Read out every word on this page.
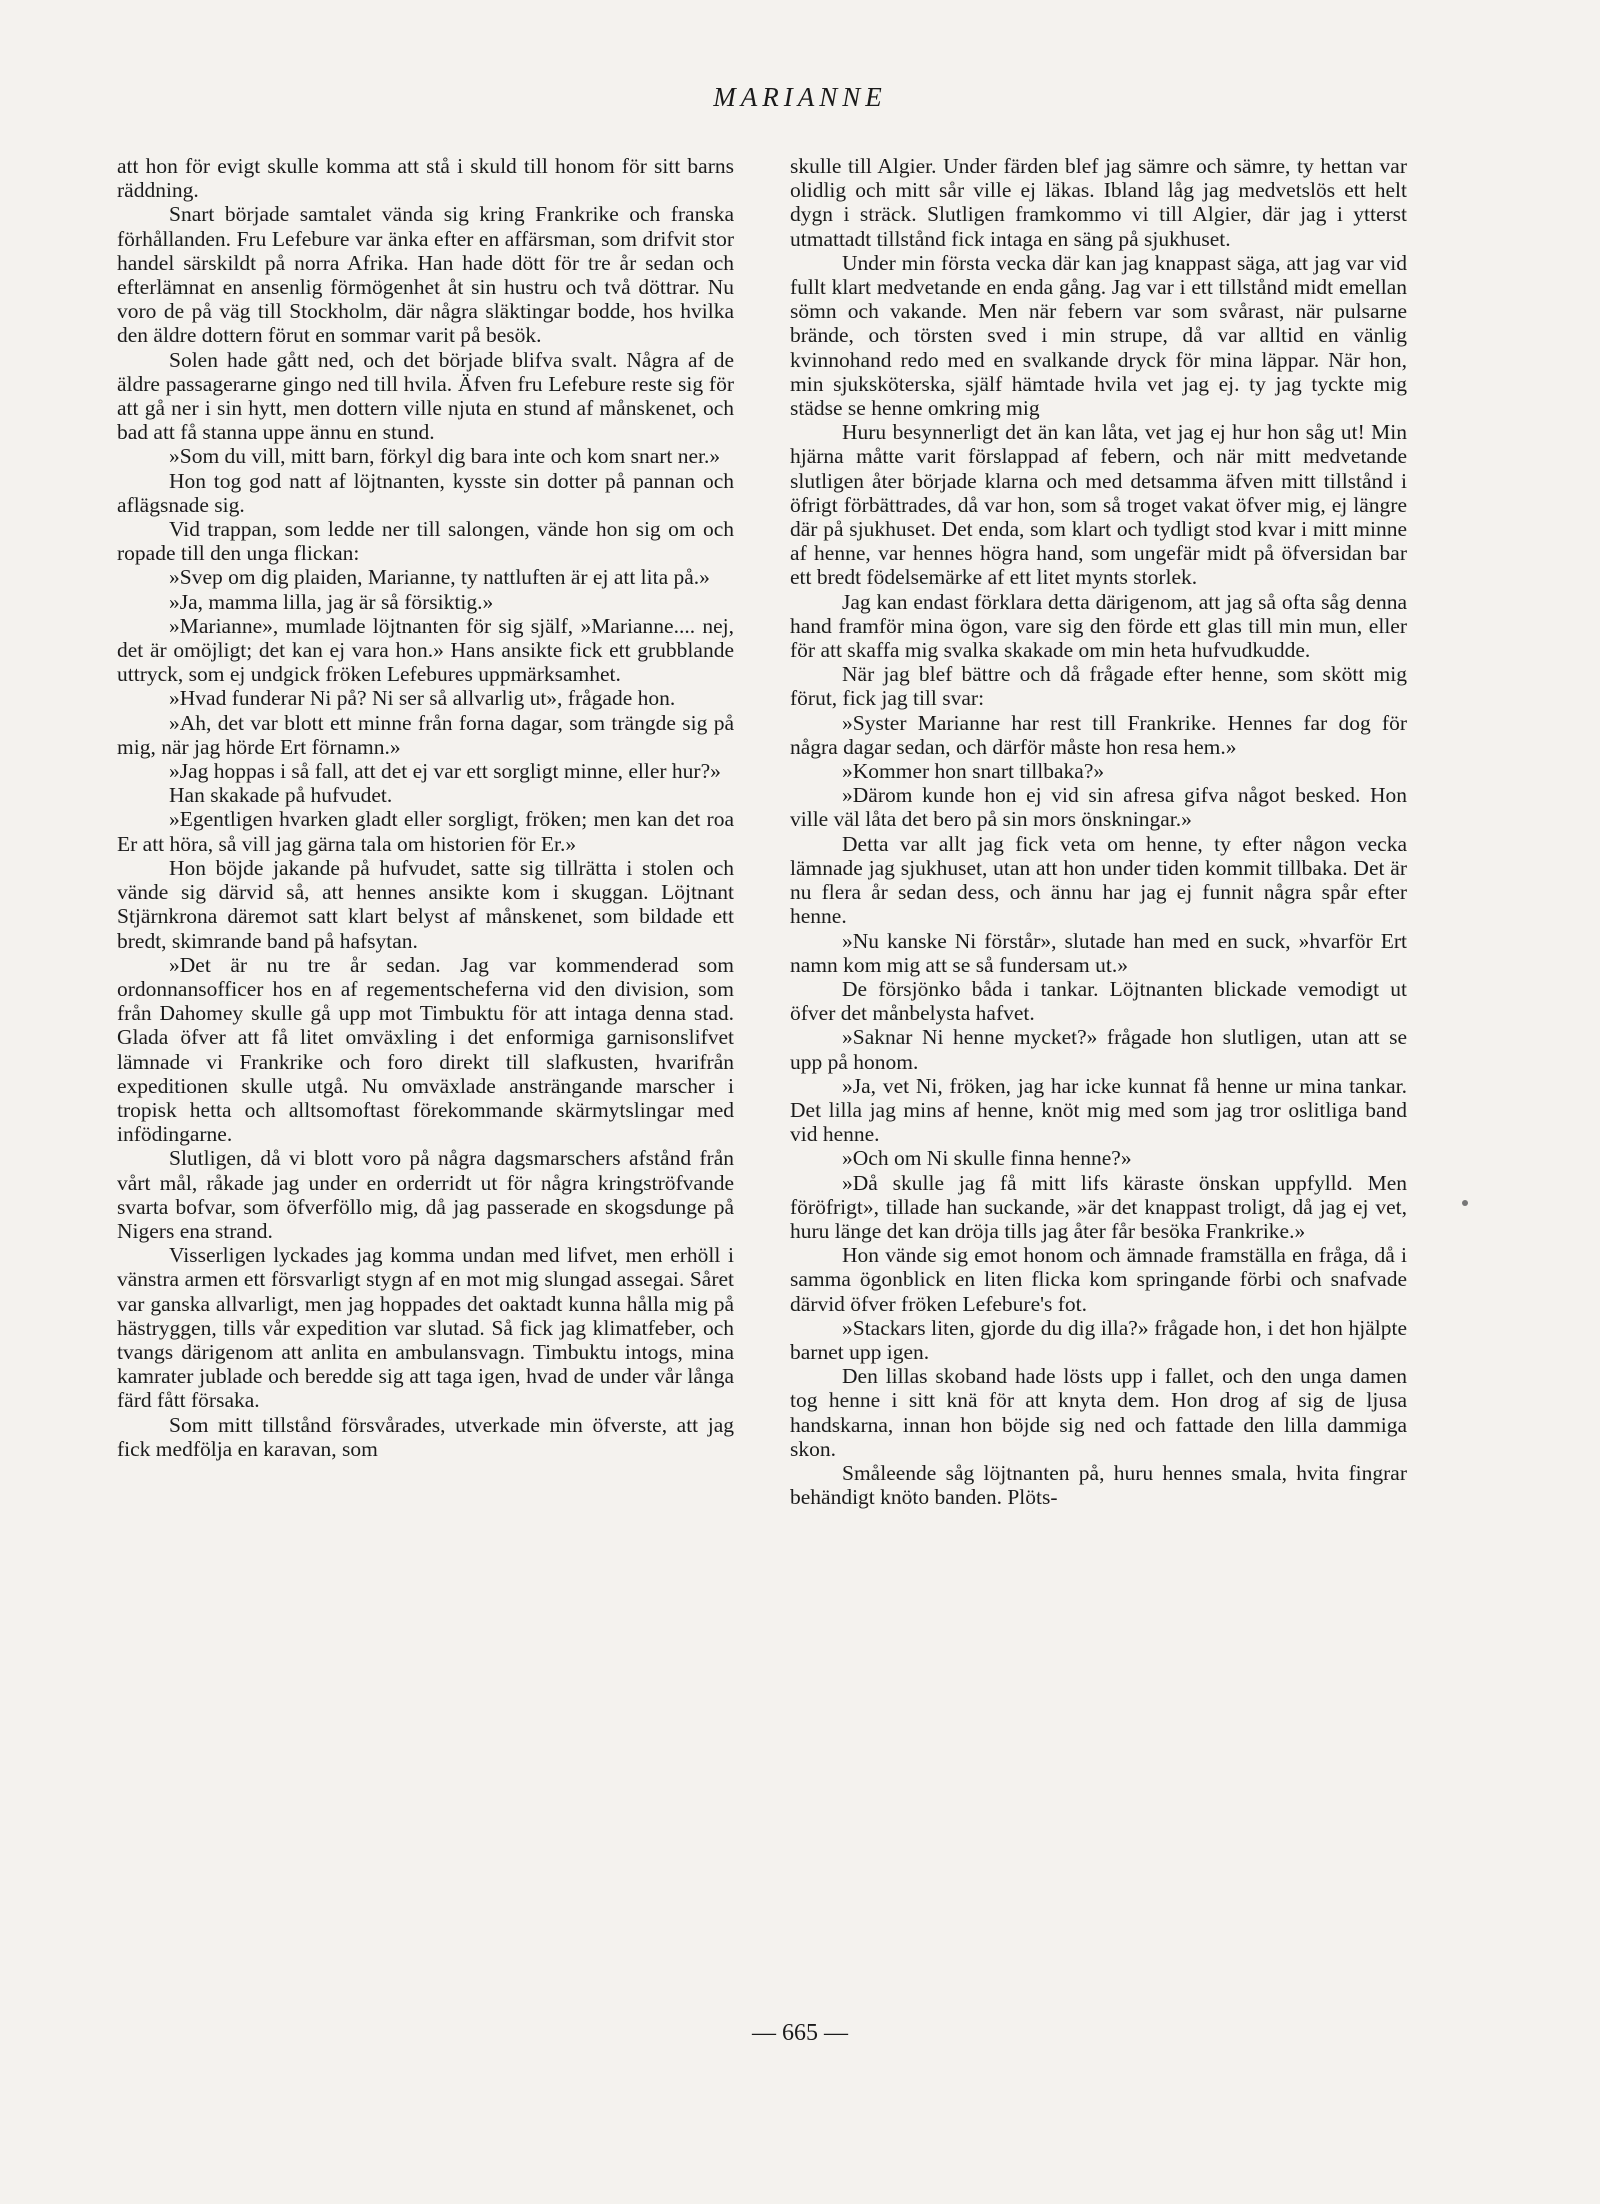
MARIANNE

att hon för evigt skulle komma att stå i skuld till honom för sitt barns räddning.

Snart började samtalet vända sig kring Frankrike och franska förhållanden. Fru Lefebure var änka efter en affärsman, som drifvit stor handel särskildt på norra Afrika. Han hade dött för tre år sedan och efterlämnat en ansenlig förmögenhet åt sin hustru och två döttrar. Nu voro de på väg till Stockholm, där några släktingar bodde, hos hvilka den äldre dottern förut en sommar varit på besök.

Solen hade gått ned, och det började blifva svalt. Några af de äldre passagerarne gingo ned till hvila. Äfven fru Lefebure reste sig för att gå ner i sin hytt, men dottern ville njuta en stund af månskenet, och bad att få stanna uppe ännu en stund.

»Som du vill, mitt barn, förkyl dig bara inte och kom snart ner.»

Hon tog god natt af löjtnanten, kysste sin dotter på pannan och aflägsnade sig.

Vid trappan, som ledde ner till salongen, vände hon sig om och ropade till den unga flickan:

»Svep om dig plaiden, Marianne, ty nattluften är ej att lita på.»

»Ja, mamma lilla, jag är så försiktig.»

»Marianne», mumlade löjtnanten för sig själf, »Marianne.... nej, det är omöjligt; det kan ej vara hon.» Hans ansikte fick ett grubblande uttryck, som ej undgick fröken Lefebures uppmärksamhet.

»Hvad funderar Ni på? Ni ser så allvarlig ut», frågade hon.

»Ah, det var blott ett minne från forna dagar, som trängde sig på mig, när jag hörde Ert förnamn.»

»Jag hoppas i så fall, att det ej var ett sorgligt minne, eller hur?»

Han skakade på hufvudet.

»Egentligen hvarken gladt eller sorgligt, fröken; men kan det roa Er att höra, så vill jag gärna tala om historien för Er.»

Hon böjde jakande på hufvudet, satte sig tillrätta i stolen och vände sig därvid så, att hennes ansikte kom i skuggan. Löjtnant Stjärnkrona däremot satt klart belyst af månskenet, som bildade ett bredt, skimrande band på hafsytan.

»Det är nu tre år sedan. Jag var kommenderad som ordonnansofficer hos en af regementscheferna vid den division, som från Dahomey skulle gå upp mot Timbuktu för att intaga denna stad. Glada öfver att få litet omväxling i det enformiga garnisonslifvet lämnade vi Frankrike och foro direkt till slafkusten, hvarifrån expeditionen skulle utgå. Nu omväxlade ansträngande marscher i tropisk hetta och alltsomoftast förekommande skärmytslingar med infödingarne.

Slutligen, då vi blott voro på några dagsmarschers afstånd från vårt mål, råkade jag under en orderridt ut för några kringströfvande svarta bofvar, som öfverföllo mig, då jag passerade en skogsdunge på Nigers ena strand.

Visserligen lyckades jag komma undan med lifvet, men erhöll i vänstra armen ett försvarligt stygn af en mot mig slungad assegai. Såret var ganska allvarligt, men jag hoppades det oaktadt kunna hålla mig på hästryggen, tills vår expedition var slutad. Så fick jag klimatfeber, och tvangs därigenom att anlita en ambulansvagn. Timbuktu intogs, mina kamrater jublade och beredde sig att taga igen, hvad de under vår långa färd fått försaka.

Som mitt tillstånd försvårades, utverkade min öfverste, att jag fick medfölja en karavan, som

skulle till Algier. Under färden blef jag sämre och sämre, ty hettan var olidlig och mitt sår ville ej läkas. Ibland låg jag medvetslös ett helt dygn i sträck. Slutligen framkommo vi till Algier, där jag i ytterst utmattadt tillstånd fick intaga en säng på sjukhuset.

Under min första vecka där kan jag knappast säga, att jag var vid fullt klart medvetande en enda gång. Jag var i ett tillstånd midt emellan sömn och vakande. Men när febern var som svårast, när pulsarne brände, och törsten sved i min strupe, då var alltid en vänlig kvinnohand redo med en svalkande dryck för mina läppar. När hon, min sjuksköterska, själf hämtade hvila vet jag ej. ty jag tyckte mig städse se henne omkring mig

Huru besynnerligt det än kan låta, vet jag ej hur hon såg ut! Min hjärna måtte varit förslappad af febern, och när mitt medvetande slutligen åter började klarna och med detsamma äfven mitt tillstånd i öfrigt förbättrades, då var hon, som så troget vakat öfver mig, ej längre där på sjukhuset. Det enda, som klart och tydligt stod kvar i mitt minne af henne, var hennes högra hand, som ungefär midt på öfversidan bar ett bredt födelsemärke af ett litet mynts storlek.

Jag kan endast förklara detta därigenom, att jag så ofta såg denna hand framför mina ögon, vare sig den förde ett glas till min mun, eller för att skaffa mig svalka skakade om min heta hufvudkudde.

När jag blef bättre och då frågade efter henne, som skött mig förut, fick jag till svar:

»Syster Marianne har rest till Frankrike. Hennes far dog för några dagar sedan, och därför måste hon resa hem.»

»Kommer hon snart tillbaka?»

»Därom kunde hon ej vid sin afresa gifva något besked. Hon ville väl låta det bero på sin mors önskningar.»

Detta var allt jag fick veta om henne, ty efter någon vecka lämnade jag sjukhuset, utan att hon under tiden kommit tillbaka. Det är nu flera år sedan dess, och ännu har jag ej funnit några spår efter henne.

»Nu kanske Ni förstår», slutade han med en suck, »hvarför Ert namn kom mig att se så fundersam ut.»

De försjönko båda i tankar. Löjtnanten blickade vemodigt ut öfver det månbelysta hafvet.

»Saknar Ni henne mycket?» frågade hon slutligen, utan att se upp på honom.

»Ja, vet Ni, fröken, jag har icke kunnat få henne ur mina tankar. Det lilla jag mins af henne, knöt mig med som jag tror oslitliga band vid henne.

»Och om Ni skulle finna henne?»

»Då skulle jag få mitt lifs käraste önskan uppfylld. Men föröfrigt», tillade han suckande, »är det knappast troligt, då jag ej vet, huru länge det kan dröja tills jag åter får besöka Frankrike.»

Hon vände sig emot honom och ämnade framställa en fråga, då i samma ögonblick en liten flicka kom springande förbi och snafvade därvid öfver fröken Lefebure's fot.

»Stackars liten, gjorde du dig illa?» frågade hon, i det hon hjälpte barnet upp igen.

Den lillas skoband hade lösts upp i fallet, och den unga damen tog henne i sitt knä för att knyta dem. Hon drog af sig de ljusa handskarna, innan hon böjde sig ned och fattade den lilla dammiga skon.

Småleende såg löjtnanten på, huru hennes smala, hvita fingrar behändigt knöto banden. Plöts-

— 665 —
